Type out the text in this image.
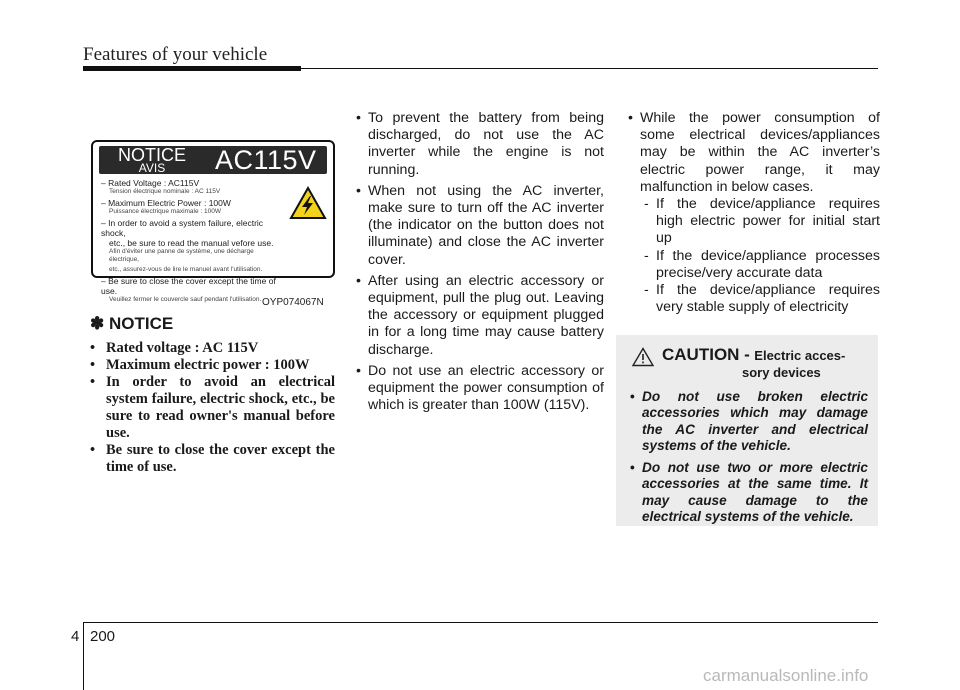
Features of your vehicle
NOTICE
AVIS	AC115V
– Rated Voltage : AC115V
Tension électrique nominale : AC 115V
– Maximum Electric Power : 100W
Puissance électrique maximale : 100W
– In order to avoid a system failure, electric shock,
etc., be sure to read the manual vefore use.
Afin d'éviter une panne de système, une décharge électrique,
etc., assurez-vous de lire le manuel avant l'utilisation.
– Be sure to close the cover except the time of use.
Veuillez fermer le couvercle sauf pendant l'utilisation. OYP074067N
✽ NOTICE
• Rated voltage : AC 115V
• Maximum electric power : 100W
• In order to avoid an electrical system failure, electric shock, etc., be sure to read owner's manual before use.
• Be sure to close the cover except the time of use.
• To prevent the battery from being discharged, do not use the AC inverter while the engine is not running.
• When not using the AC inverter, make sure to turn off the AC inverter (the indicator on the button does not illuminate) and close the AC inverter cover.
• After using an electric accessory or equipment, pull the plug out. Leaving the accessory or equipment plugged in for a long time may cause battery discharge.
• Do not use an electric accessory or equipment the power consumption of which is greater than 100W (115V).
• While the power consumption of some electrical devices/appliances may be within the AC inverter’s electric power range, it may malfunction in below cases.
- If the device/appliance requires high electric power for initial start up
- If the device/appliance processes precise/very accurate data
- If the device/appliance requires very stable supply of electricity
CAUTION - Electric acces-
sory devices
• Do not use broken electric accessories which may damage the AC inverter and electrical systems of the vehicle.
• Do not use two or more electric accessories at the same time. It may cause damage to the electrical systems of the vehicle.
4 200
carmanualsonline.info
